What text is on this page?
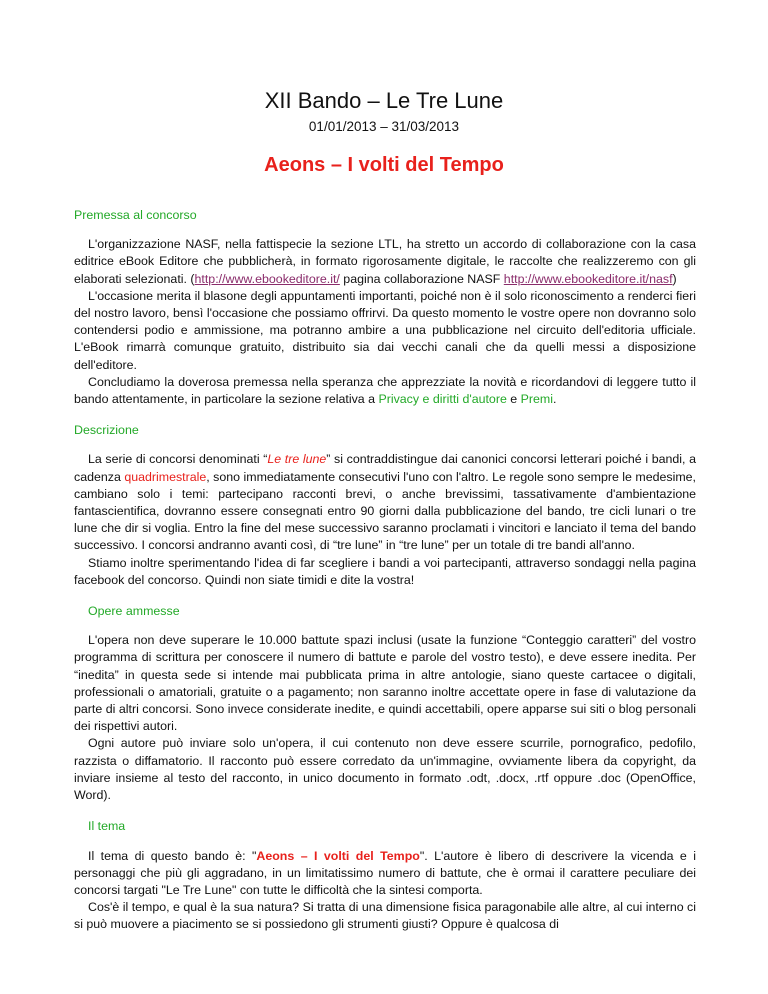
XII Bando – Le Tre Lune
01/01/2013 – 31/03/2013
Aeons – I volti del Tempo
Premessa al concorso

L'organizzazione NASF, nella fattispecie la sezione LTL, ha stretto un accordo di collaborazione con la casa editrice eBook Editore che pubblicherà, in formato rigorosamente digitale, le raccolte che realizzeremo con gli elaborati selezionati. (http://www.ebookeditore.it/ pagina collaborazione NASF http://www.ebookeditore.it/nasf)

L'occasione merita il blasone degli appuntamenti importanti, poiché non è il solo riconoscimento a renderci fieri del nostro lavoro, bensì l'occasione che possiamo offrirvi. Da questo momento le vostre opere non dovranno solo contendersi podio e ammissione, ma potranno ambire a una pubblicazione nel circuito dell'editoria ufficiale. L'eBook rimarrà comunque gratuito, distribuito sia dai vecchi canali che da quelli messi a disposizione dell'editore.

Concludiamo la doverosa premessa nella speranza che apprezziate la novità e ricordandovi di leggere tutto il bando attentamente, in particolare la sezione relativa a Privacy e diritti d'autore e Premi.

Descrizione

La serie di concorsi denominati “Le tre lune” si contraddistingue dai canonici concorsi letterari poiché i bandi, a cadenza quadrimestrale, sono immediatamente consecutivi l'uno con l'altro. Le regole sono sempre le medesime, cambiano solo i temi: partecipano racconti brevi, o anche brevissimi, tassativamente d'ambientazione fantascientifica, dovranno essere consegnati entro 90 giorni dalla pubblicazione del bando, tre cicli lunari o tre lune che dir si voglia. Entro la fine del mese successivo saranno proclamati i vincitori e lanciato il tema del bando successivo. I concorsi andranno avanti così, di “tre lune” in “tre lune” per un totale di tre bandi all'anno.

Stiamo inoltre sperimentando l'idea di far scegliere i bandi a voi partecipanti, attraverso sondaggi nella pagina facebook del concorso. Quindi non siate timidi e dite la vostra!

Opere ammesse

L'opera non deve superare le 10.000 battute spazi inclusi (usate la funzione “Conteggio caratteri” del vostro programma di scrittura per conoscere il numero di battute e parole del vostro testo), e deve essere inedita. Per “inedita” in questa sede si intende mai pubblicata prima in altre antologie, siano queste cartacee o digitali, professionali o amatoriali, gratuite o a pagamento; non saranno inoltre accettate opere in fase di valutazione da parte di altri concorsi. Sono invece considerate inedite, e quindi accettabili, opere apparse sui siti o blog personali dei rispettivi autori.

Ogni autore può inviare solo un'opera, il cui contenuto non deve essere scurrile, pornografico, pedofilo, razzista o diffamatorio. Il racconto può essere corredato da un'immagine, ovviamente libera da copyright, da inviare insieme al testo del racconto, in unico documento in formato .odt, .docx, .rtf oppure .doc (OpenOffice, Word).

Il tema

Il tema di questo bando è: "Aeons – I volti del Tempo". L'autore è libero di descrivere la vicenda e i personaggi che più gli aggradano, in un limitatissimo numero di battute, che è ormai il carattere peculiare dei concorsi targati "Le Tre Lune" con tutte le difficoltà che la sintesi comporta.

Cos'è il tempo, e qual è la sua natura? Si tratta di una dimensione fisica paragonabile alle altre, al cui interno ci si può muovere a piacimento se si possiedono gli strumenti giusti? Oppure è qualcosa di
